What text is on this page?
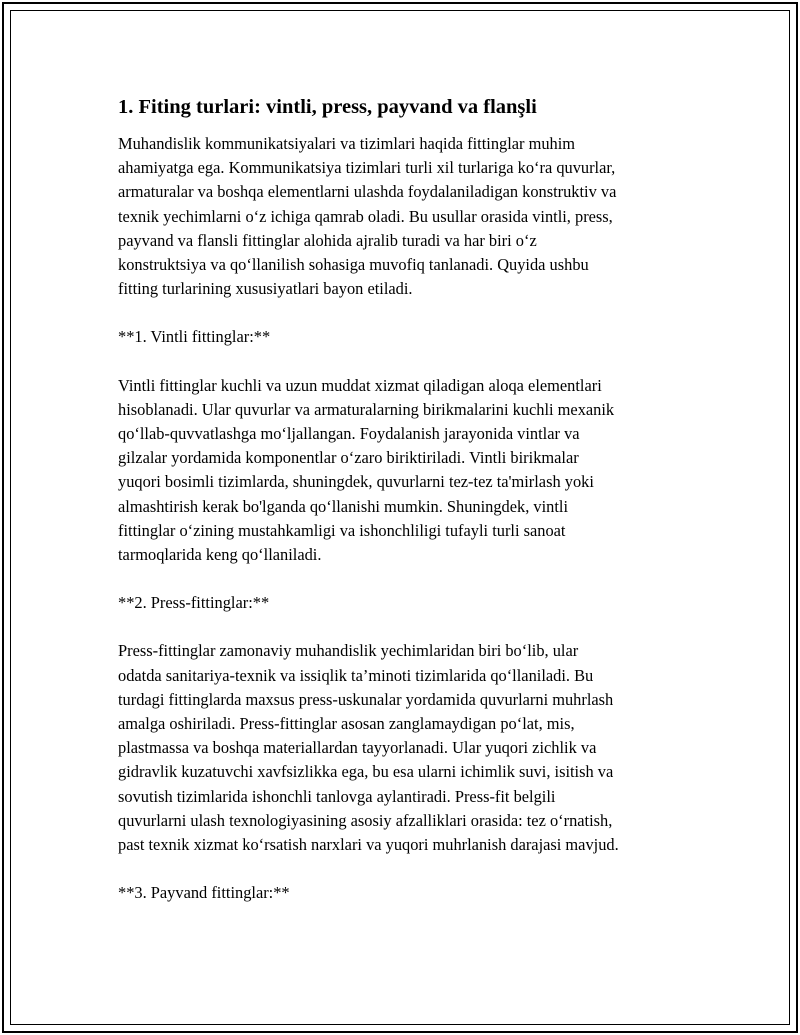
1. Fiting turlari: vintli, press, payvand va flanşli

Muhandislik kommunikatsiyalari va tizimlari haqida fittinglar muhim
ahamiyatga ega. Kommunikatsiya tizimlari turli xil turlariga ko‘ra quvurlar,
armaturalar va boshqa elementlarni ulashda foydalaniladigan konstruktiv va
texnik yechimlarni o‘z ichiga qamrab oladi. Bu usullar orasida vintli, press,
payvand va flansli fittinglar alohida ajralib turadi va har biri o‘z
konstruktsiya va qo‘llanilish sohasiga muvofiq tanlanadi. Quyida ushbu
fitting turlarining xususiyatlari bayon etiladi.

**1. Vintli fittinglar:**

Vintli fittinglar kuchli va uzun muddat xizmat qiladigan aloqa elementlari
hisoblanadi. Ular quvurlar va armaturalarning birikmalarini kuchli mexanik
qo‘llab-quvvatlashga mo‘ljallangan. Foydalanish jarayonida vintlar va
gilzalar yordamida komponentlar o‘zaro biriktiriladi. Vintli birikmalar
yuqori bosimli tizimlarda, shuningdek, quvurlarni tez-tez ta'mirlash yoki
almashtirish kerak bo'lganda qo‘llanishi mumkin. Shuningdek, vintli
fittinglar o‘zining mustahkamligi va ishonchliligi tufayli turli sanoat
tarmoqlarida keng qo‘llaniladi.

**2. Press-fittinglar:**

Press-fittinglar zamonaviy muhandislik yechimlaridan biri bo‘lib, ular
odatda sanitariya-texnik va issiqlik ta’minoti tizimlarida qo‘llaniladi. Bu
turdagi fittinglarda maxsus press-uskunalar yordamida quvurlarni muhrlash
amalga oshiriladi. Press-fittinglar asosan zanglamaydigan po‘lat, mis,
plastmassa va boshqa materiallardan tayyorlanadi. Ular yuqori zichlik va
gidravlik kuzatuvchi xavfsizlikka ega, bu esa ularni ichimlik suvi, isitish va
sovutish tizimlarida ishonchli tanlovga aylantiradi. Press-fit belgili
quvurlarni ulash texnologiyasining asosiy afzalliklari orasida: tez o‘rnatish,
past texnik xizmat ko‘rsatish narxlari va yuqori muhrlanish darajasi mavjud.

**3. Payvand fittinglar:**
